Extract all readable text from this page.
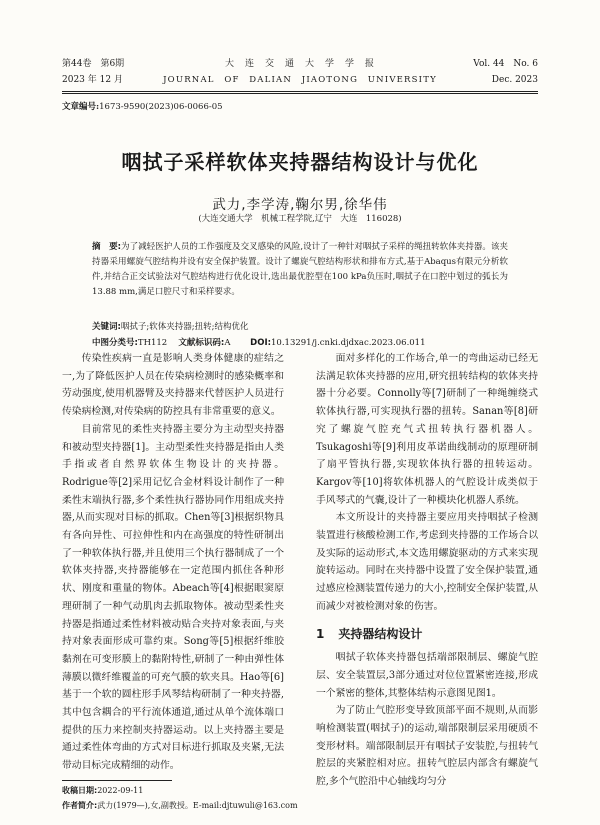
第44卷　第6期
2023 年 12 月
大　连　交　通　大　学　学　报
JOURNAL　OF　DALIAN　JIAOTONG　UNIVERSITY
Vol. 44　No. 6
Dec. 2023
文章编号:1673-9590(2023)06-0066-05
咽拭子采样软体夹持器结构设计与优化
武力,李学涛,鞠尔男,徐华伟
(大连交通大学　机械工程学院,辽宁　大连　116028)
摘　要:为了减轻医护人员的工作强度及交叉感染的风险,设计了一种针对咽拭子采样的绳扭转软体夹持器。该夹持器采用螺旋气腔结构并设有安全保护装置。设计了螺旋气腔结构形状和排布方式,基于Abaqus有限元分析软件,并结合正交试验法对气腔结构进行优化设计,选出最优腔型在100 kPa负压时,咽拭子在口腔中划过的弧长为13.88 mm,满足口腔尺寸和采样要求。
关键词:咽拭子;软体夹持器;扭转;结构优化
中图分类号:TH112   文献标识码:A    DOI:10.13291/j.cnki.djdxac.2023.06.011

传染性疾病一直是影响人类身体健康的症结之一,为了降低医护人员在传染病检测时的感染概率和劳动强度,使用机器臂及夹持器来代替医护人员进行传染病检测,对传染病的防控具有非常重要的意义。

目前常见的柔性夹持器主要分为主动型夹持器和被动型夹持器[1]。主动型柔性夹持器是指由人类手指或者自然界软体生物设计的夹持器。Rodrigue等[2]采用记忆合金材料设计制作了一种柔性末端执行器,多个柔性执行器协同作用组成夹持器,从而实现对目标的抓取。Chen等[3]根据织物具有各向异性、可拉伸性和内在高强度的特性研制出了一种软体执行器,并且使用三个执行器制成了一个软体夹持器,夹持器能够在一定范围内抓住各种形状、刚度和重量的物体。Abeach等[4]根据眼窦原理研制了一种气动肌肉去抓取物体。被动型柔性夹持器是指通过柔性材料被动贴合夹持对象表面,与夹持对象表面形成可靠约束。Song等[5]根据纤维胶黏剂在可变形膜上的黏附特性,研制了一种由弹性体薄膜以微纤维覆盖的可充气膜的软夹具。Hao等[6]基于一个软的圆柱形手风琴结构研制了一种夹持器,其中包含耦合的平行流体通道,通过从单个流体端口提供的压力来控制夹持器运动。以上夹持器主要是通过柔性体弯曲的方式对目标进行抓取及夹紧,无法带动目标完成精细的动作。

面对多样化的工作场合,单一的弯曲运动已经无法满足软体夹持器的应用,研究扭转结构的软体夹持器十分必要。Connolly等[7]研制了一种绳缠绕式软体执行器,可实现执行器的扭转。Sanan等[8]研究了螺旋气腔充气式扭转执行器机器人。Tsukagoshi等[9]利用皮革诺曲线制动的原理研制了扇平管执行器,实现软体执行器的扭转运动。Kargov等[10]将软体机器人的气腔设计成类似于手风琴式的气囊,设计了一种模块化机器人系统。

本文所设计的夹持器主要应用夹持咽拭子检测装置进行核酸检测工作,考虑到夹持器的工作场合以及实际的运动形式,本文选用螺旋驱动的方式来实现旋转运动。同时在夹持器中设置了安全保护装置,通过感应检测装置传递力的大小,控制安全保护装置,从而减少对被检测对象的伤害。

1 夹持器结构设计

咽拭子软体夹持器包括端部限制层、螺旋气腔层、安全装置层,3部分通过对位位置紧密连接,形成一个紧密的整体,其整体结构示意图见图1。

为了防止气腔形变导致顶部平面不规则,从而影响检测装置(咽拭子)的运动,端部限制层采用硬质不变形材料。端部限制层开有咽拭子安装腔,与扭转气腔层的夹紧腔相对应。扭转气腔层内部含有螺旋气腔,多个气腔沿中心轴线均匀分

收稿日期:2022-09-11
作者简介:武力(1979—),女,副教授。E-mail:djtuwuli@163.com
